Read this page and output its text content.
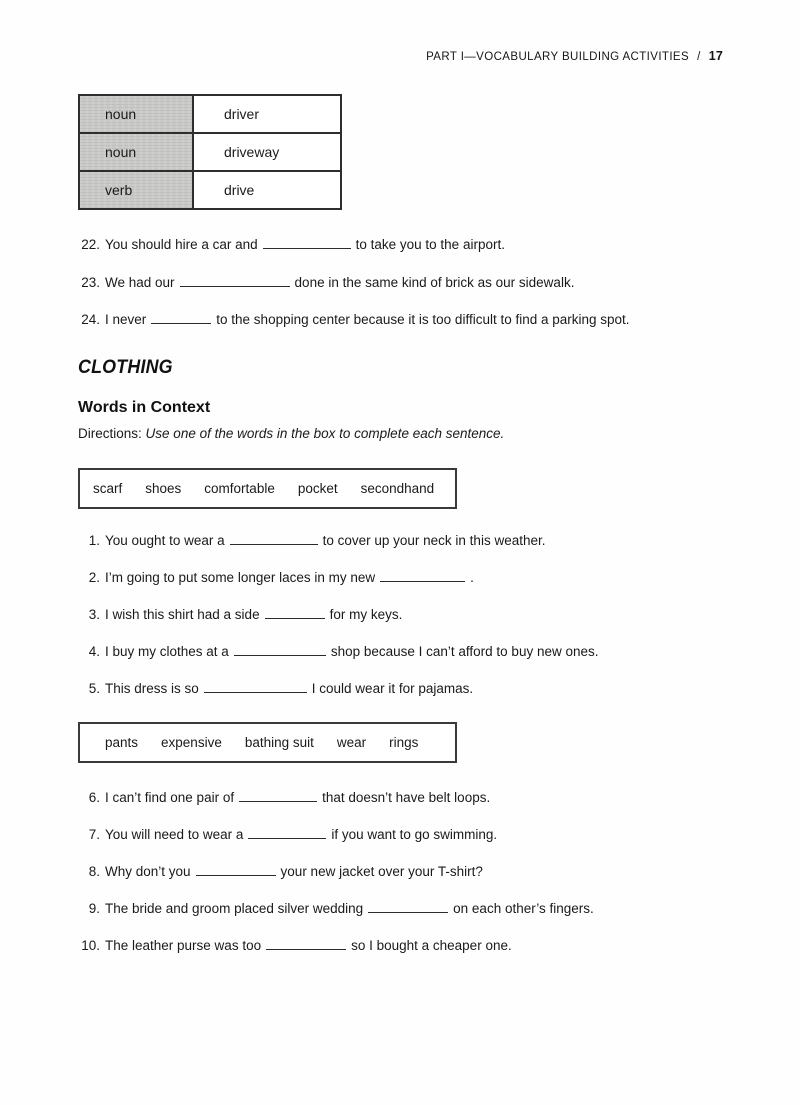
PART I—VOCABULARY BUILDING ACTIVITIES / 17
noun	driver
noun	driveway
verb	drive
22. You should hire a car and	to take you to the airport.
23. We had our	done in the same kind of brick as our sidewalk.
24. I never	to the shopping center because it is too difficult to find a parking spot.
CLOTHING
Words in Context
Directions: Use one of the words in the box to complete each sentence.
scarf shoes comfortable pocket secondhand
1. You ought to wear a	to cover up your neck in this weather.
2. I’m going to put some longer laces in my new	.
3. I wish this shirt had a side	for my keys.
4. I buy my clothes at a	shop because I can’t afford to buy new ones.
5. This dress is so	I could wear it for pajamas.
pants expensive bathing suit wear rings
6. I can’t find one pair of	that doesn’t have belt loops.
7. You will need to wear a	if you want to go swimming.
8. Why don’t you	your new jacket over your T-shirt?
9. The bride and groom placed silver wedding	on each other’s fingers.
10. The leather purse was too	so I bought a cheaper one.
